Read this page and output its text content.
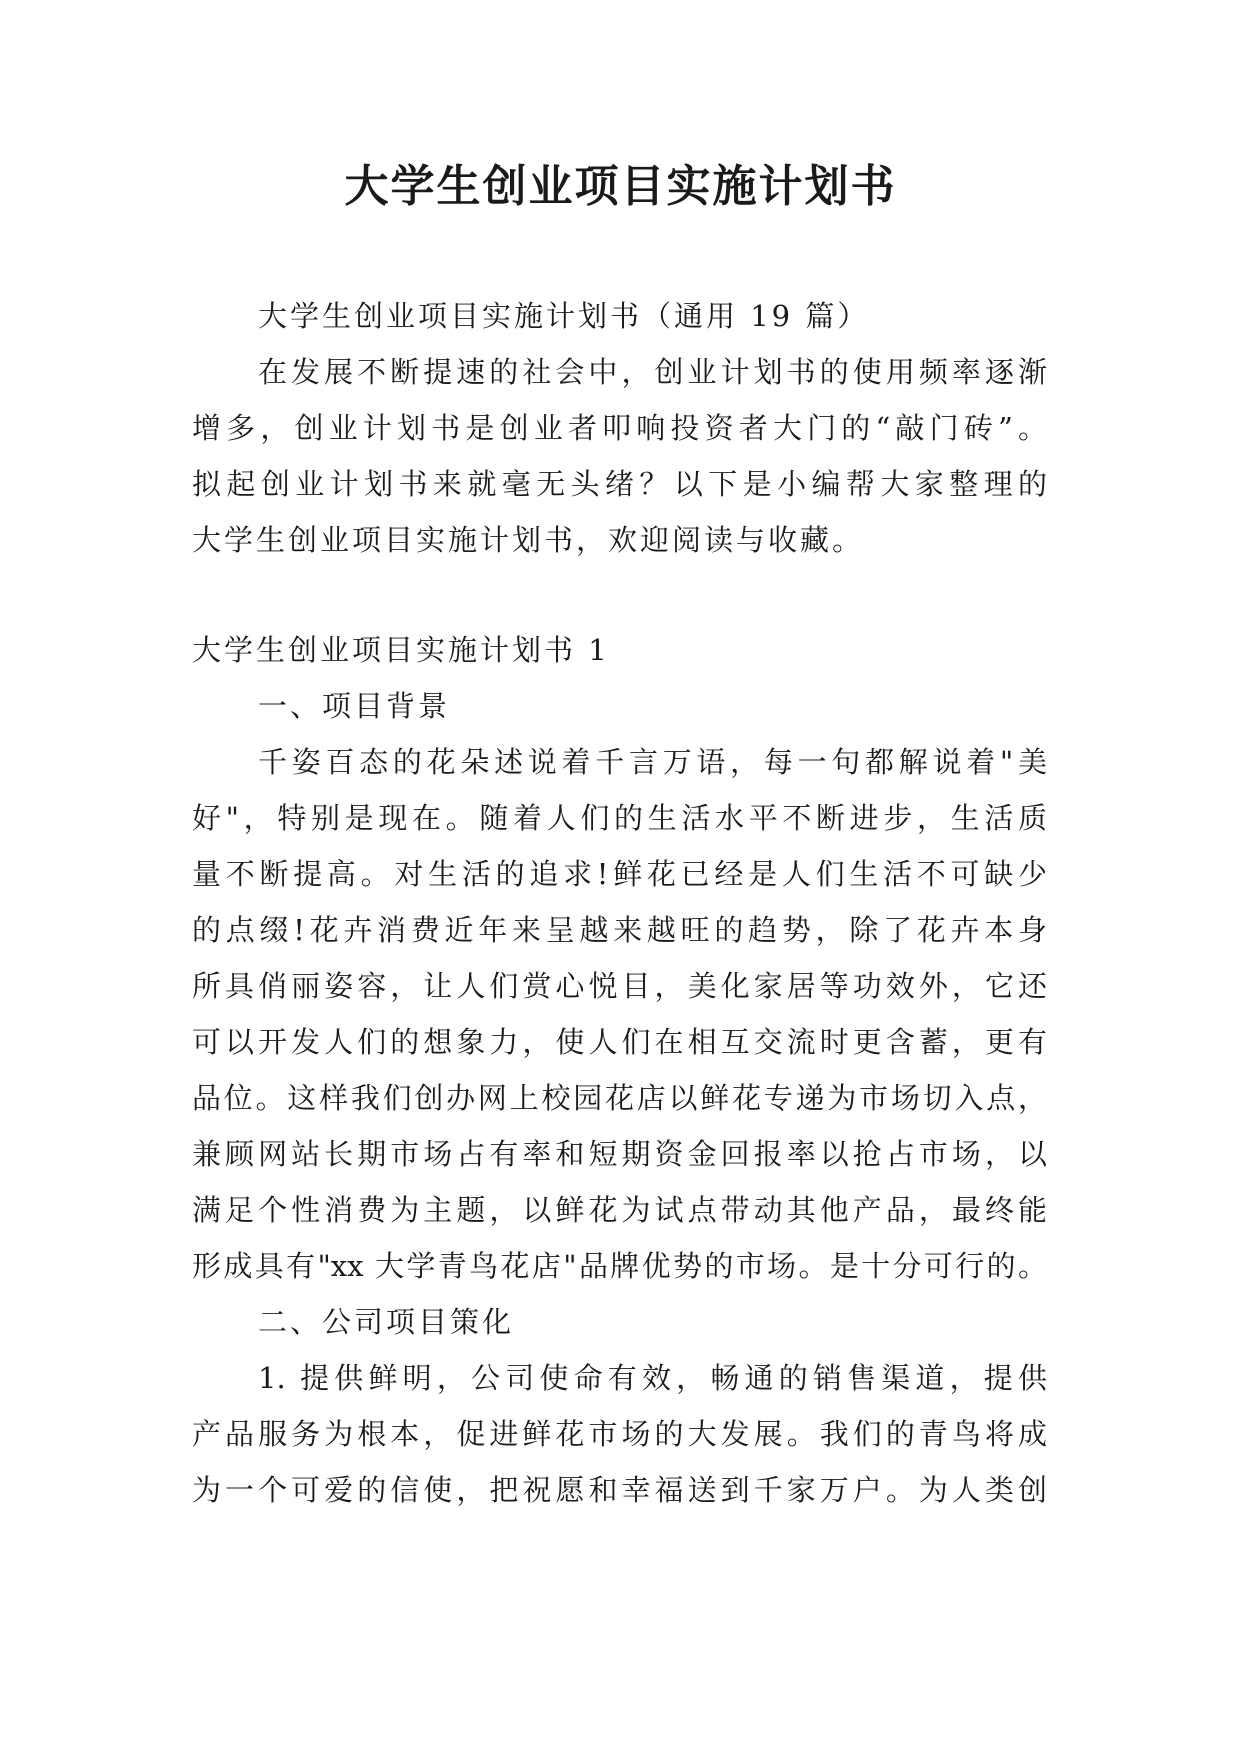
大学生创业项目实施计划书
大学生创业项目实施计划书（通用 19 篇）
在发展不断提速的社会中，创业计划书的使用频率逐渐
增多，创业计划书是创业者叩响投资者大门的“敲门砖”。
拟起创业计划书来就毫无头绪？以下是小编帮大家整理的
大学生创业项目实施计划书，欢迎阅读与收藏。
大学生创业项目实施计划书 1
一、项目背景
千姿百态的花朵述说着千言万语，每一句都解说着"美
好"，特别是现在。随着人们的生活水平不断进步，生活质
量不断提高。对生活的追求!鲜花已经是人们生活不可缺少
的点缀!花卉消费近年来呈越来越旺的趋势，除了花卉本身
所具俏丽姿容，让人们赏心悦目，美化家居等功效外，它还
可以开发人们的想象力，使人们在相互交流时更含蓄，更有
品位。这样我们创办网上校园花店以鲜花专递为市场切入点，
兼顾网站长期市场占有率和短期资金回报率以抢占市场，以
满足个性消费为主题，以鲜花为试点带动其他产品，最终能
形成具有"xx 大学青鸟花店"品牌优势的市场。是十分可行的。
二、公司项目策化
1. 提供鲜明，公司使命有效，畅通的销售渠道，提供
产品服务为根本，促进鲜花市场的大发展。我们的青鸟将成
为一个可爱的信使，把祝愿和幸福送到千家万户。为人类创
